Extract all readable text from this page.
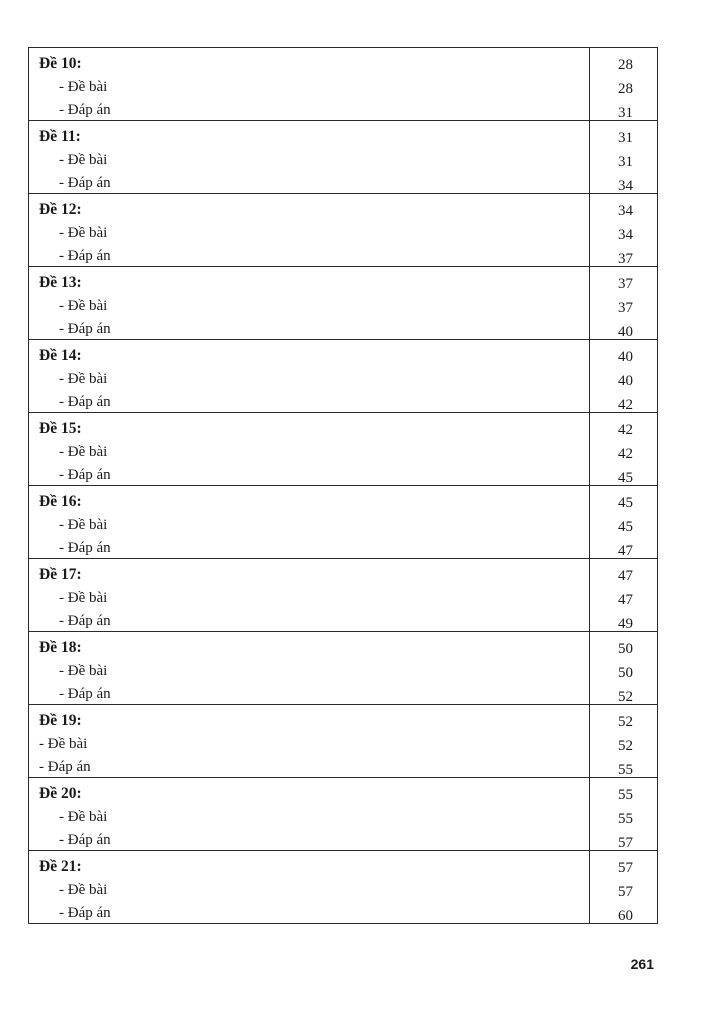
Đề 10:
- Đề bài
- Đáp án
28
28
31
Đề 11:
- Đề bài
- Đáp án
31
31
34
Đề 12:
- Đề bài
- Đáp án
34
34
37
Đề 13:
- Đề bài
- Đáp án
37
37
40
Đề 14:
- Đề bài
- Đáp án
40
40
42
Đề 15:
- Đề bài
- Đáp án
42
42
45
Đề 16:
- Đề bài
- Đáp án
45
45
47
Đề 17:
- Đề bài
- Đáp án
47
47
49
Đề 18:
- Đề bài
- Đáp án
50
50
52
Đề 19:
- Đề bài
- Đáp án
52
52
55
Đề 20:
- Đề bài
- Đáp án
55
55
57
Đề 21:
- Đề bài
- Đáp án
57
57
60
261
